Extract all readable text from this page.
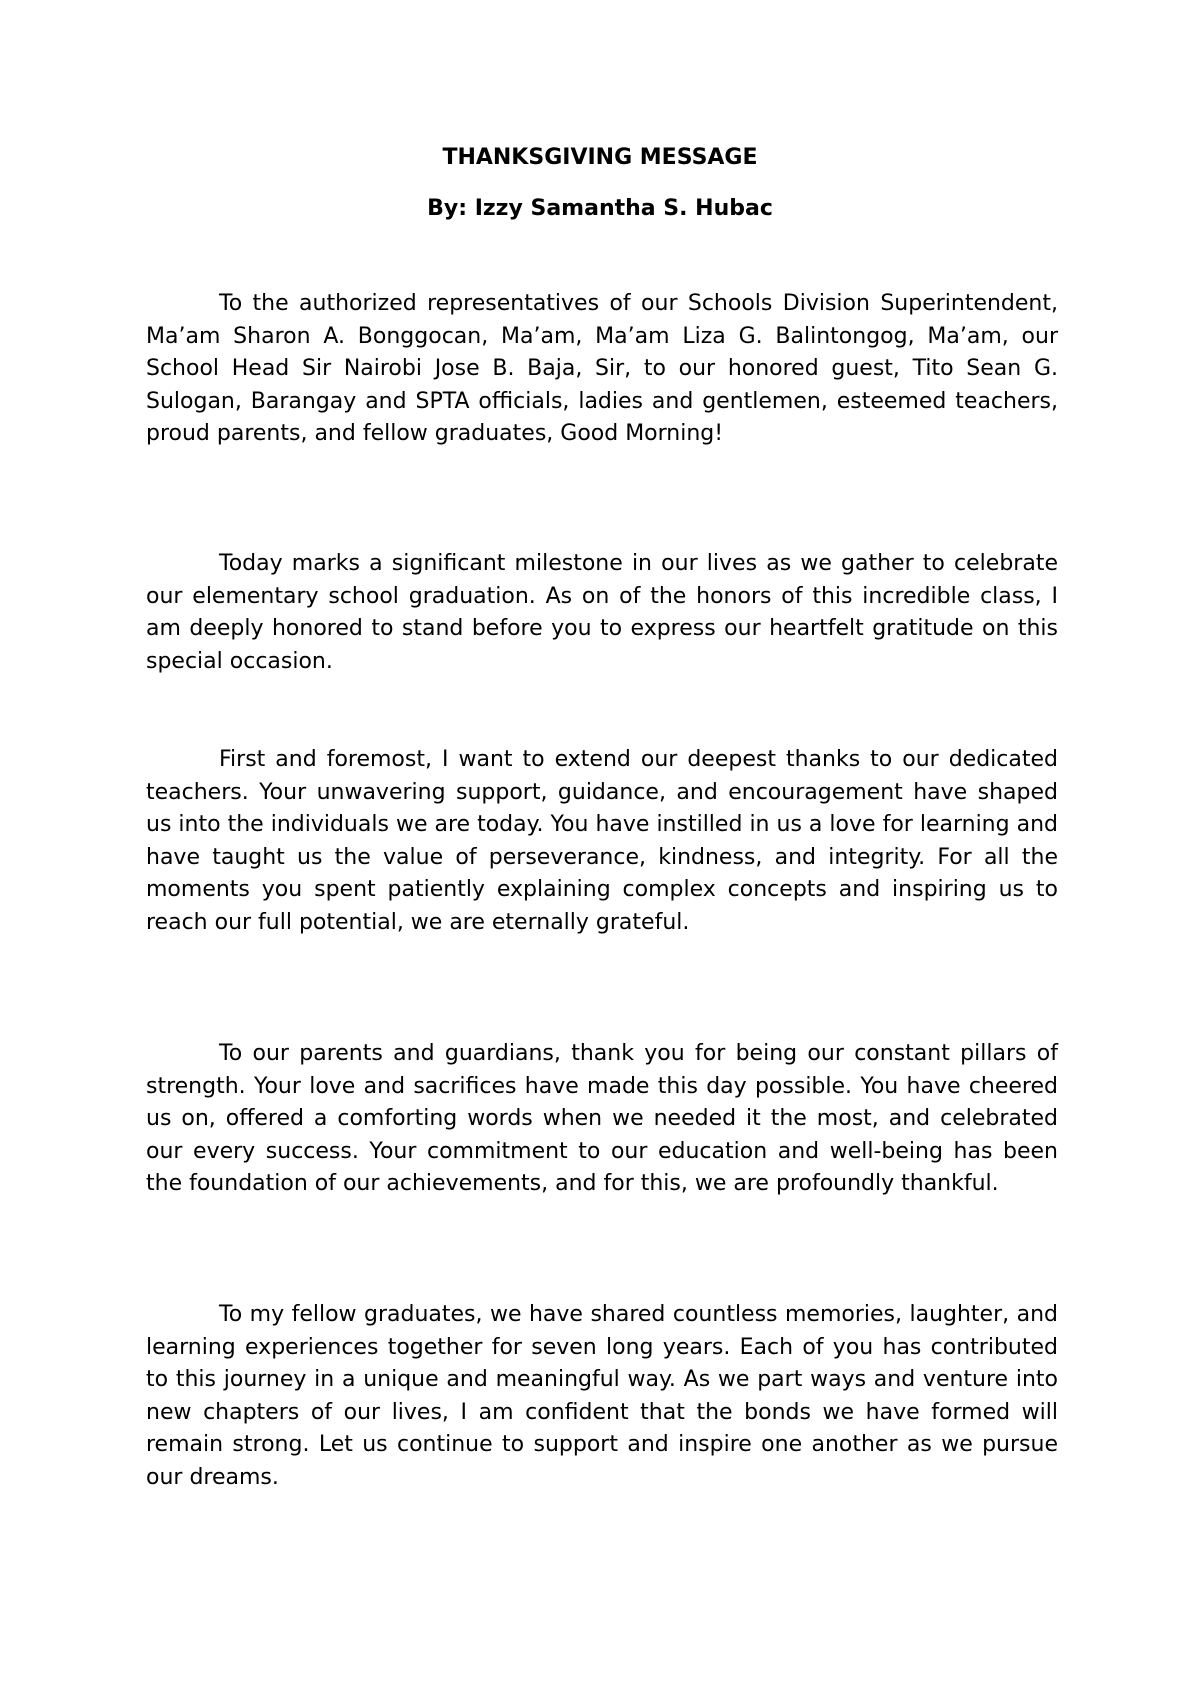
THANKSGIVING MESSAGE
By: Izzy Samantha S. Hubac

To the authorized representatives of our Schools Division Superintendent, Ma’am Sharon A. Bonggocan, Ma’am, Ma’am Liza G. Balintongog, Ma’am, our School Head Sir Nairobi Jose B. Baja, Sir, to our honored guest, Tito Sean G. Sulogan, Barangay and SPTA officials, ladies and gentlemen, esteemed teachers, proud parents, and fellow graduates, Good Morning!

Today marks a significant milestone in our lives as we gather to celebrate our elementary school graduation. As on of the honors of this incredible class, I am deeply honored to stand before you to express our heartfelt gratitude on this special occasion.

First and foremost, I want to extend our deepest thanks to our dedicated teachers. Your unwavering support, guidance, and encouragement have shaped us into the individuals we are today. You have instilled in us a love for learning and have taught us the value of perseverance, kindness, and integrity. For all the moments you spent patiently explaining complex concepts and inspiring us to reach our full potential, we are eternally grateful.

To our parents and guardians, thank you for being our constant pillars of strength. Your love and sacrifices have made this day possible. You have cheered us on, offered a comforting words when we needed it the most, and celebrated our every success. Your commitment to our education and well-being has been the foundation of our achievements, and for this, we are profoundly thankful.

To my fellow graduates, we have shared countless memories, laughter, and learning experiences together for seven long years. Each of you has contributed to this journey in a unique and meaningful way. As we part ways and venture into new chapters of our lives, I am confident that the bonds we have formed will remain strong. Let us continue to support and inspire one another as we pursue our dreams.
